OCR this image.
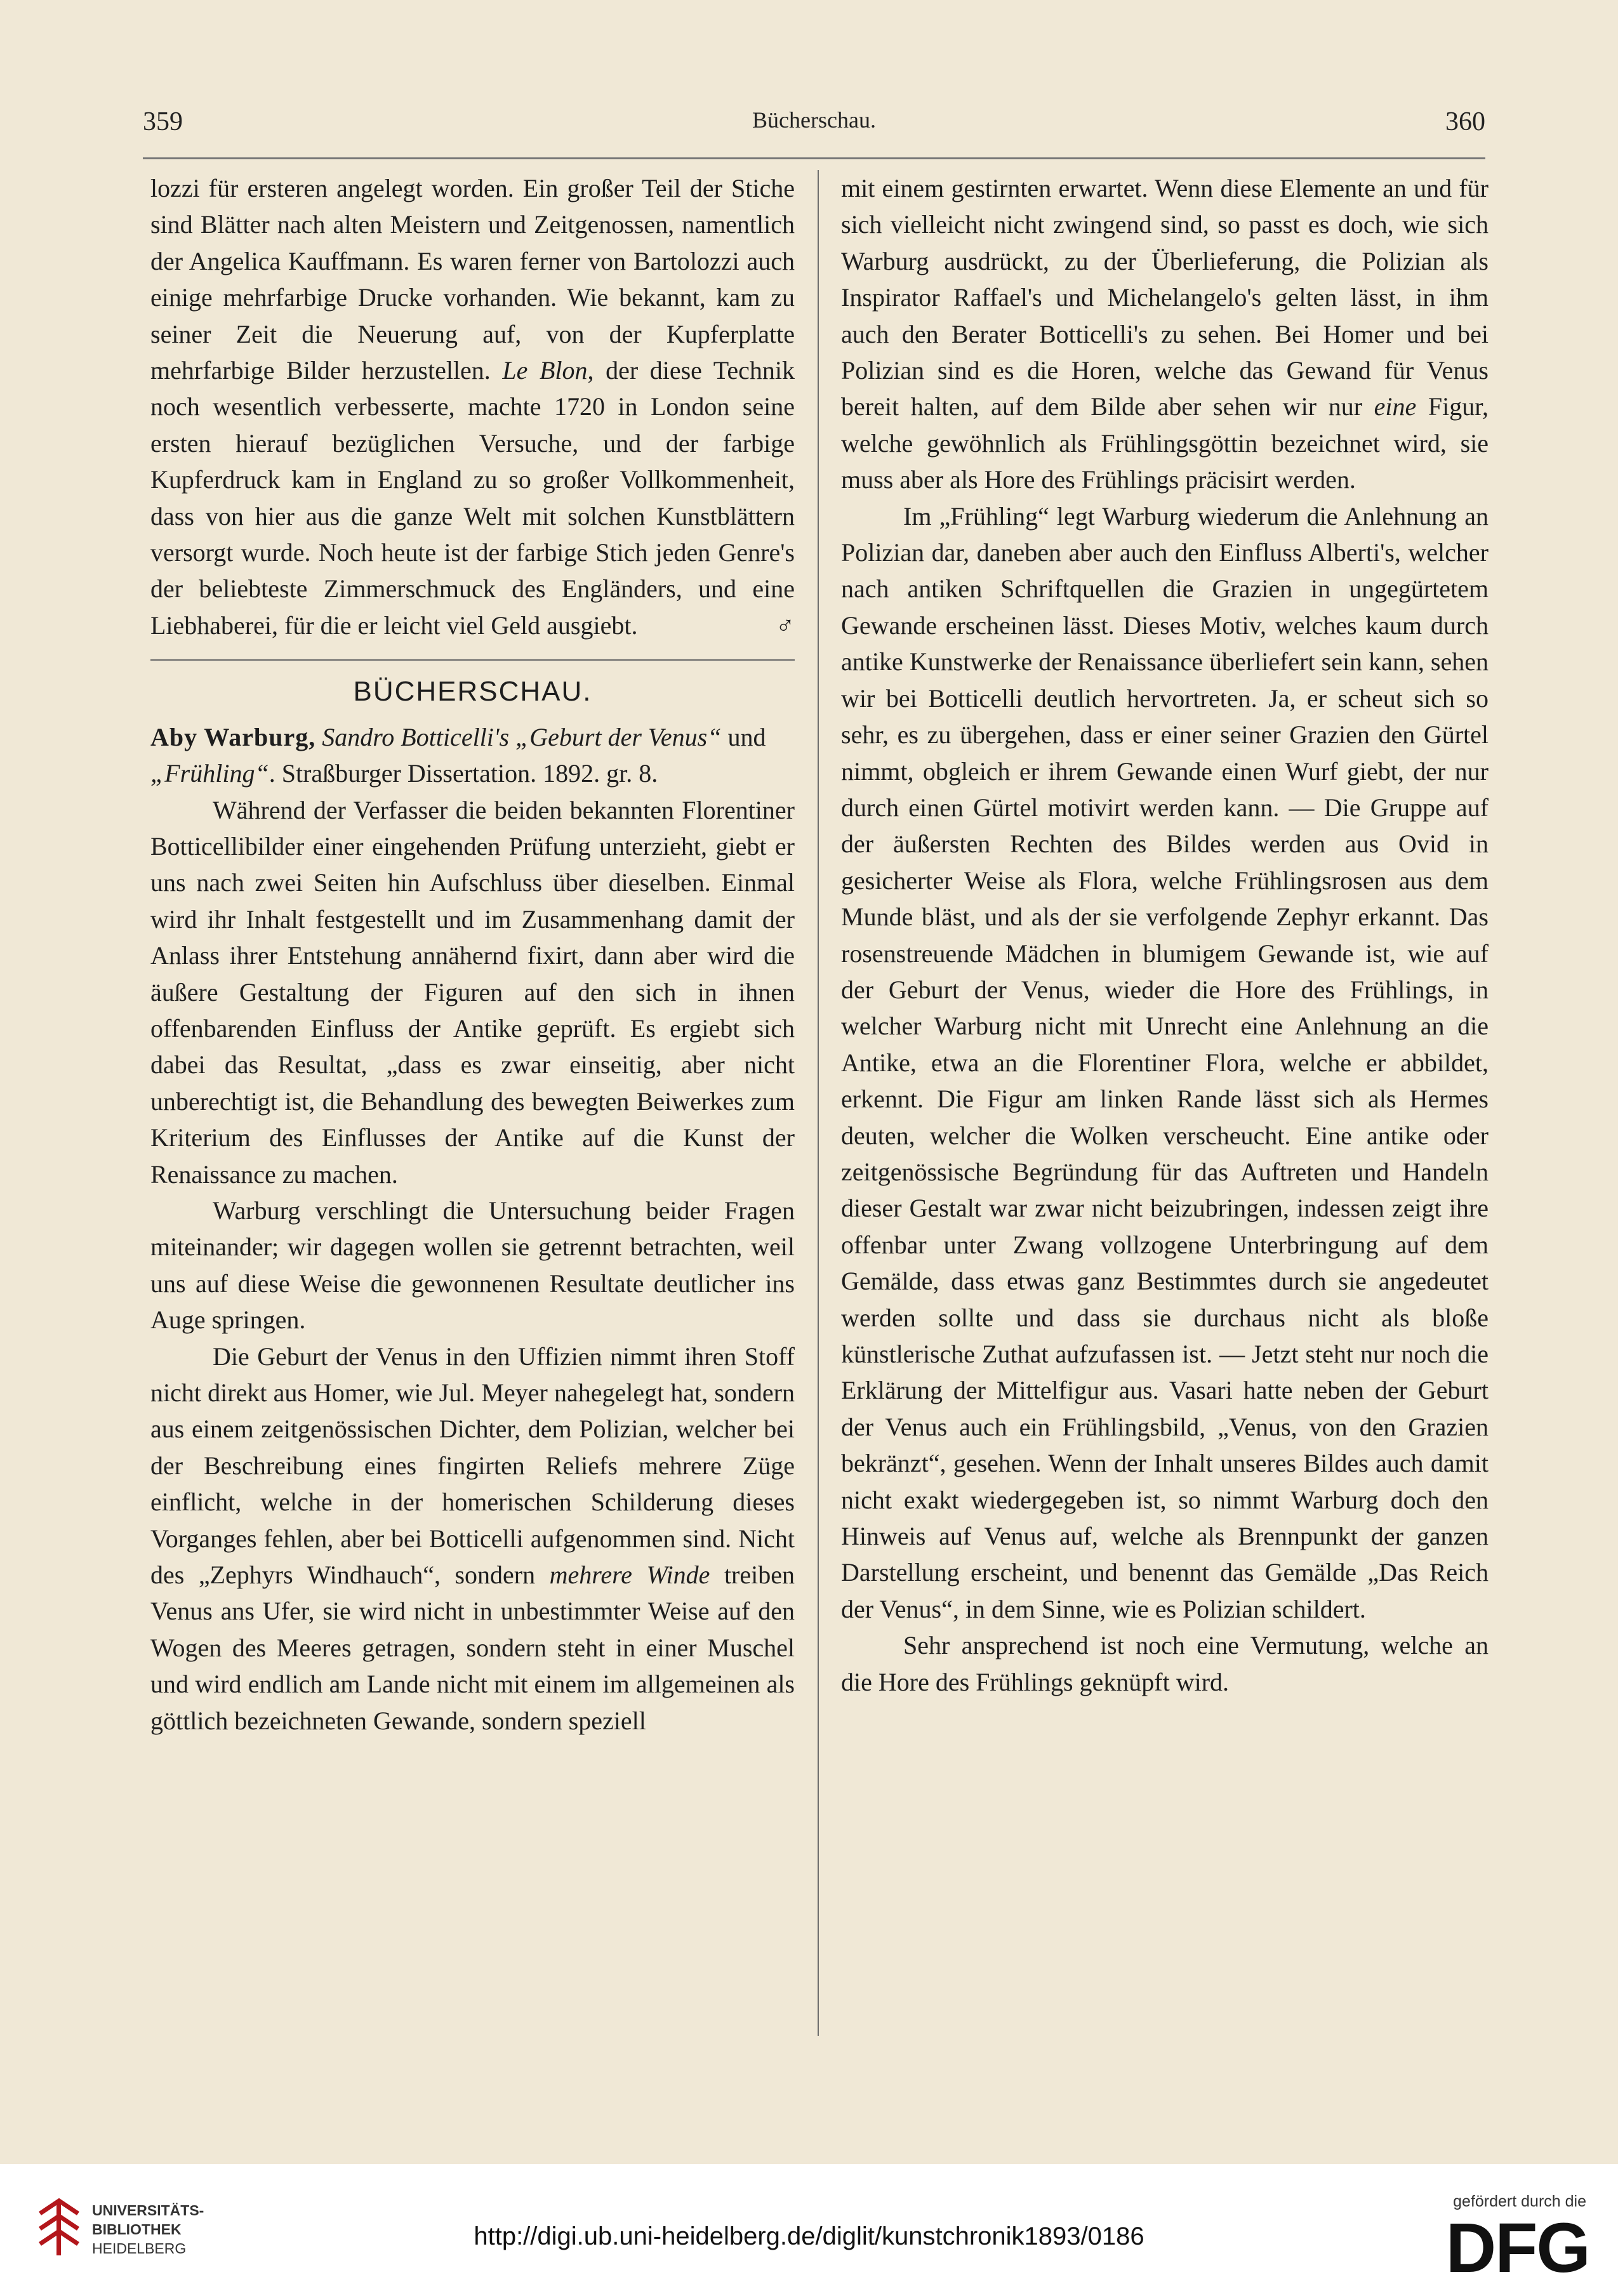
359	Bücherschau.	360

lozzi für ersteren angelegt worden. Ein großer Teil der Stiche sind Blätter nach alten Meistern und Zeitgenossen, namentlich der Angelica Kauffmann. Es waren ferner von Bartolozzi auch einige mehrfarbige Drucke vorhanden. Wie bekannt, kam zu seiner Zeit die Neuerung auf, von der Kupferplatte mehrfarbige Bilder herzustellen. Le Blon, der diese Technik noch wesentlich verbesserte, machte 1720 in London seine ersten hierauf bezüglichen Versuche, und der farbige Kupferdruck kam in England zu so großer Vollkommenheit, dass von hier aus die ganze Welt mit solchen Kunstblättern versorgt wurde. Noch heute ist der farbige Stich jeden Genre's der beliebteste Zimmerschmuck des Engländers, und eine Liebhaberei, für die er leicht viel Geld ausgiebt.	♂

BÜCHERSCHAU.

Aby Warburg, Sandro Botticelli's „Geburt der Venus“ und „Frühling“. Straßburger Dissertation. 1892. gr. 8.

Während der Verfasser die beiden bekannten Florentiner Botticellibilder einer eingehenden Prüfung unterzieht, giebt er uns nach zwei Seiten hin Aufschluss über dieselben. Einmal wird ihr Inhalt festgestellt und im Zusammenhang damit der Anlass ihrer Entstehung annähernd fixirt, dann aber wird die äußere Gestaltung der Figuren auf den sich in ihnen offenbarenden Einfluss der Antike geprüft. Es ergiebt sich dabei das Resultat, „dass es zwar einseitig, aber nicht unberechtigt ist, die Behandlung des bewegten Beiwerkes zum Kriterium des Einflusses der Antike auf die Kunst der Renaissance zu machen.

Warburg verschlingt die Untersuchung beider Fragen miteinander; wir dagegen wollen sie getrennt betrachten, weil uns auf diese Weise die gewonnenen Resultate deutlicher ins Auge springen.

Die Geburt der Venus in den Uffizien nimmt ihren Stoff nicht direkt aus Homer, wie Jul. Meyer nahegelegt hat, sondern aus einem zeitgenössischen Dichter, dem Polizian, welcher bei der Beschreibung eines fingirten Reliefs mehrere Züge einflicht, welche in der homerischen Schilderung dieses Vorganges fehlen, aber bei Botticelli aufgenommen sind. Nicht des „Zephyrs Windhauch“, sondern mehrere Winde treiben Venus ans Ufer, sie wird nicht in unbestimmter Weise auf den Wogen des Meeres getragen, sondern steht in einer Muschel und wird endlich am Lande nicht mit einem im allgemeinen als göttlich bezeichneten Gewande, sondern speziell

mit einem gestirnten erwartet. Wenn diese Elemente an und für sich vielleicht nicht zwingend sind, so passt es doch, wie sich Warburg ausdrückt, zu der Überlieferung, die Polizian als Inspirator Raffael's und Michelangelo's gelten lässt, in ihm auch den Berater Botticelli's zu sehen. Bei Homer und bei Polizian sind es die Horen, welche das Gewand für Venus bereit halten, auf dem Bilde aber sehen wir nur eine Figur, welche gewöhnlich als Frühlingsgöttin bezeichnet wird, sie muss aber als Hore des Frühlings präcisirt werden.

Im „Frühling“ legt Warburg wiederum die Anlehnung an Polizian dar, daneben aber auch den Einfluss Alberti's, welcher nach antiken Schriftquellen die Grazien in ungegürtetem Gewande erscheinen lässt. Dieses Motiv, welches kaum durch antike Kunstwerke der Renaissance überliefert sein kann, sehen wir bei Botticelli deutlich hervortreten. Ja, er scheut sich so sehr, es zu übergehen, dass er einer seiner Grazien den Gürtel nimmt, obgleich er ihrem Gewande einen Wurf giebt, der nur durch einen Gürtel motivirt werden kann. — Die Gruppe auf der äußersten Rechten des Bildes werden aus Ovid in gesicherter Weise als Flora, welche Frühlingsrosen aus dem Munde bläst, und als der sie verfolgende Zephyr erkannt. Das rosenstreuende Mädchen in blumigem Gewande ist, wie auf der Geburt der Venus, wieder die Hore des Frühlings, in welcher Warburg nicht mit Unrecht eine Anlehnung an die Antike, etwa an die Florentiner Flora, welche er abbildet, erkennt. Die Figur am linken Rande lässt sich als Hermes deuten, welcher die Wolken verscheucht. Eine antike oder zeitgenössische Begründung für das Auftreten und Handeln dieser Gestalt war zwar nicht beizubringen, indessen zeigt ihre offenbar unter Zwang vollzogene Unterbringung auf dem Gemälde, dass etwas ganz Bestimmtes durch sie angedeutet werden sollte und dass sie durchaus nicht als bloße künstlerische Zuthat aufzufassen ist. — Jetzt steht nur noch die Erklärung der Mittelfigur aus. Vasari hatte neben der Geburt der Venus auch ein Frühlingsbild, „Venus, von den Grazien bekränzt“, gesehen. Wenn der Inhalt unseres Bildes auch damit nicht exakt wiedergegeben ist, so nimmt Warburg doch den Hinweis auf Venus auf, welche als Brennpunkt der ganzen Darstellung erscheint, und benennt das Gemälde „Das Reich der Venus“, in dem Sinne, wie es Polizian schildert.

Sehr ansprechend ist noch eine Vermutung, welche an die Hore des Frühlings geknüpft wird.

UNIVERSITÄTS-
BIBLIOTHEK
HEIDELBERG	http://digi.ub.uni-heidelberg.de/diglit/kunstchronik1893/0186
gefördert durch die
DFG
